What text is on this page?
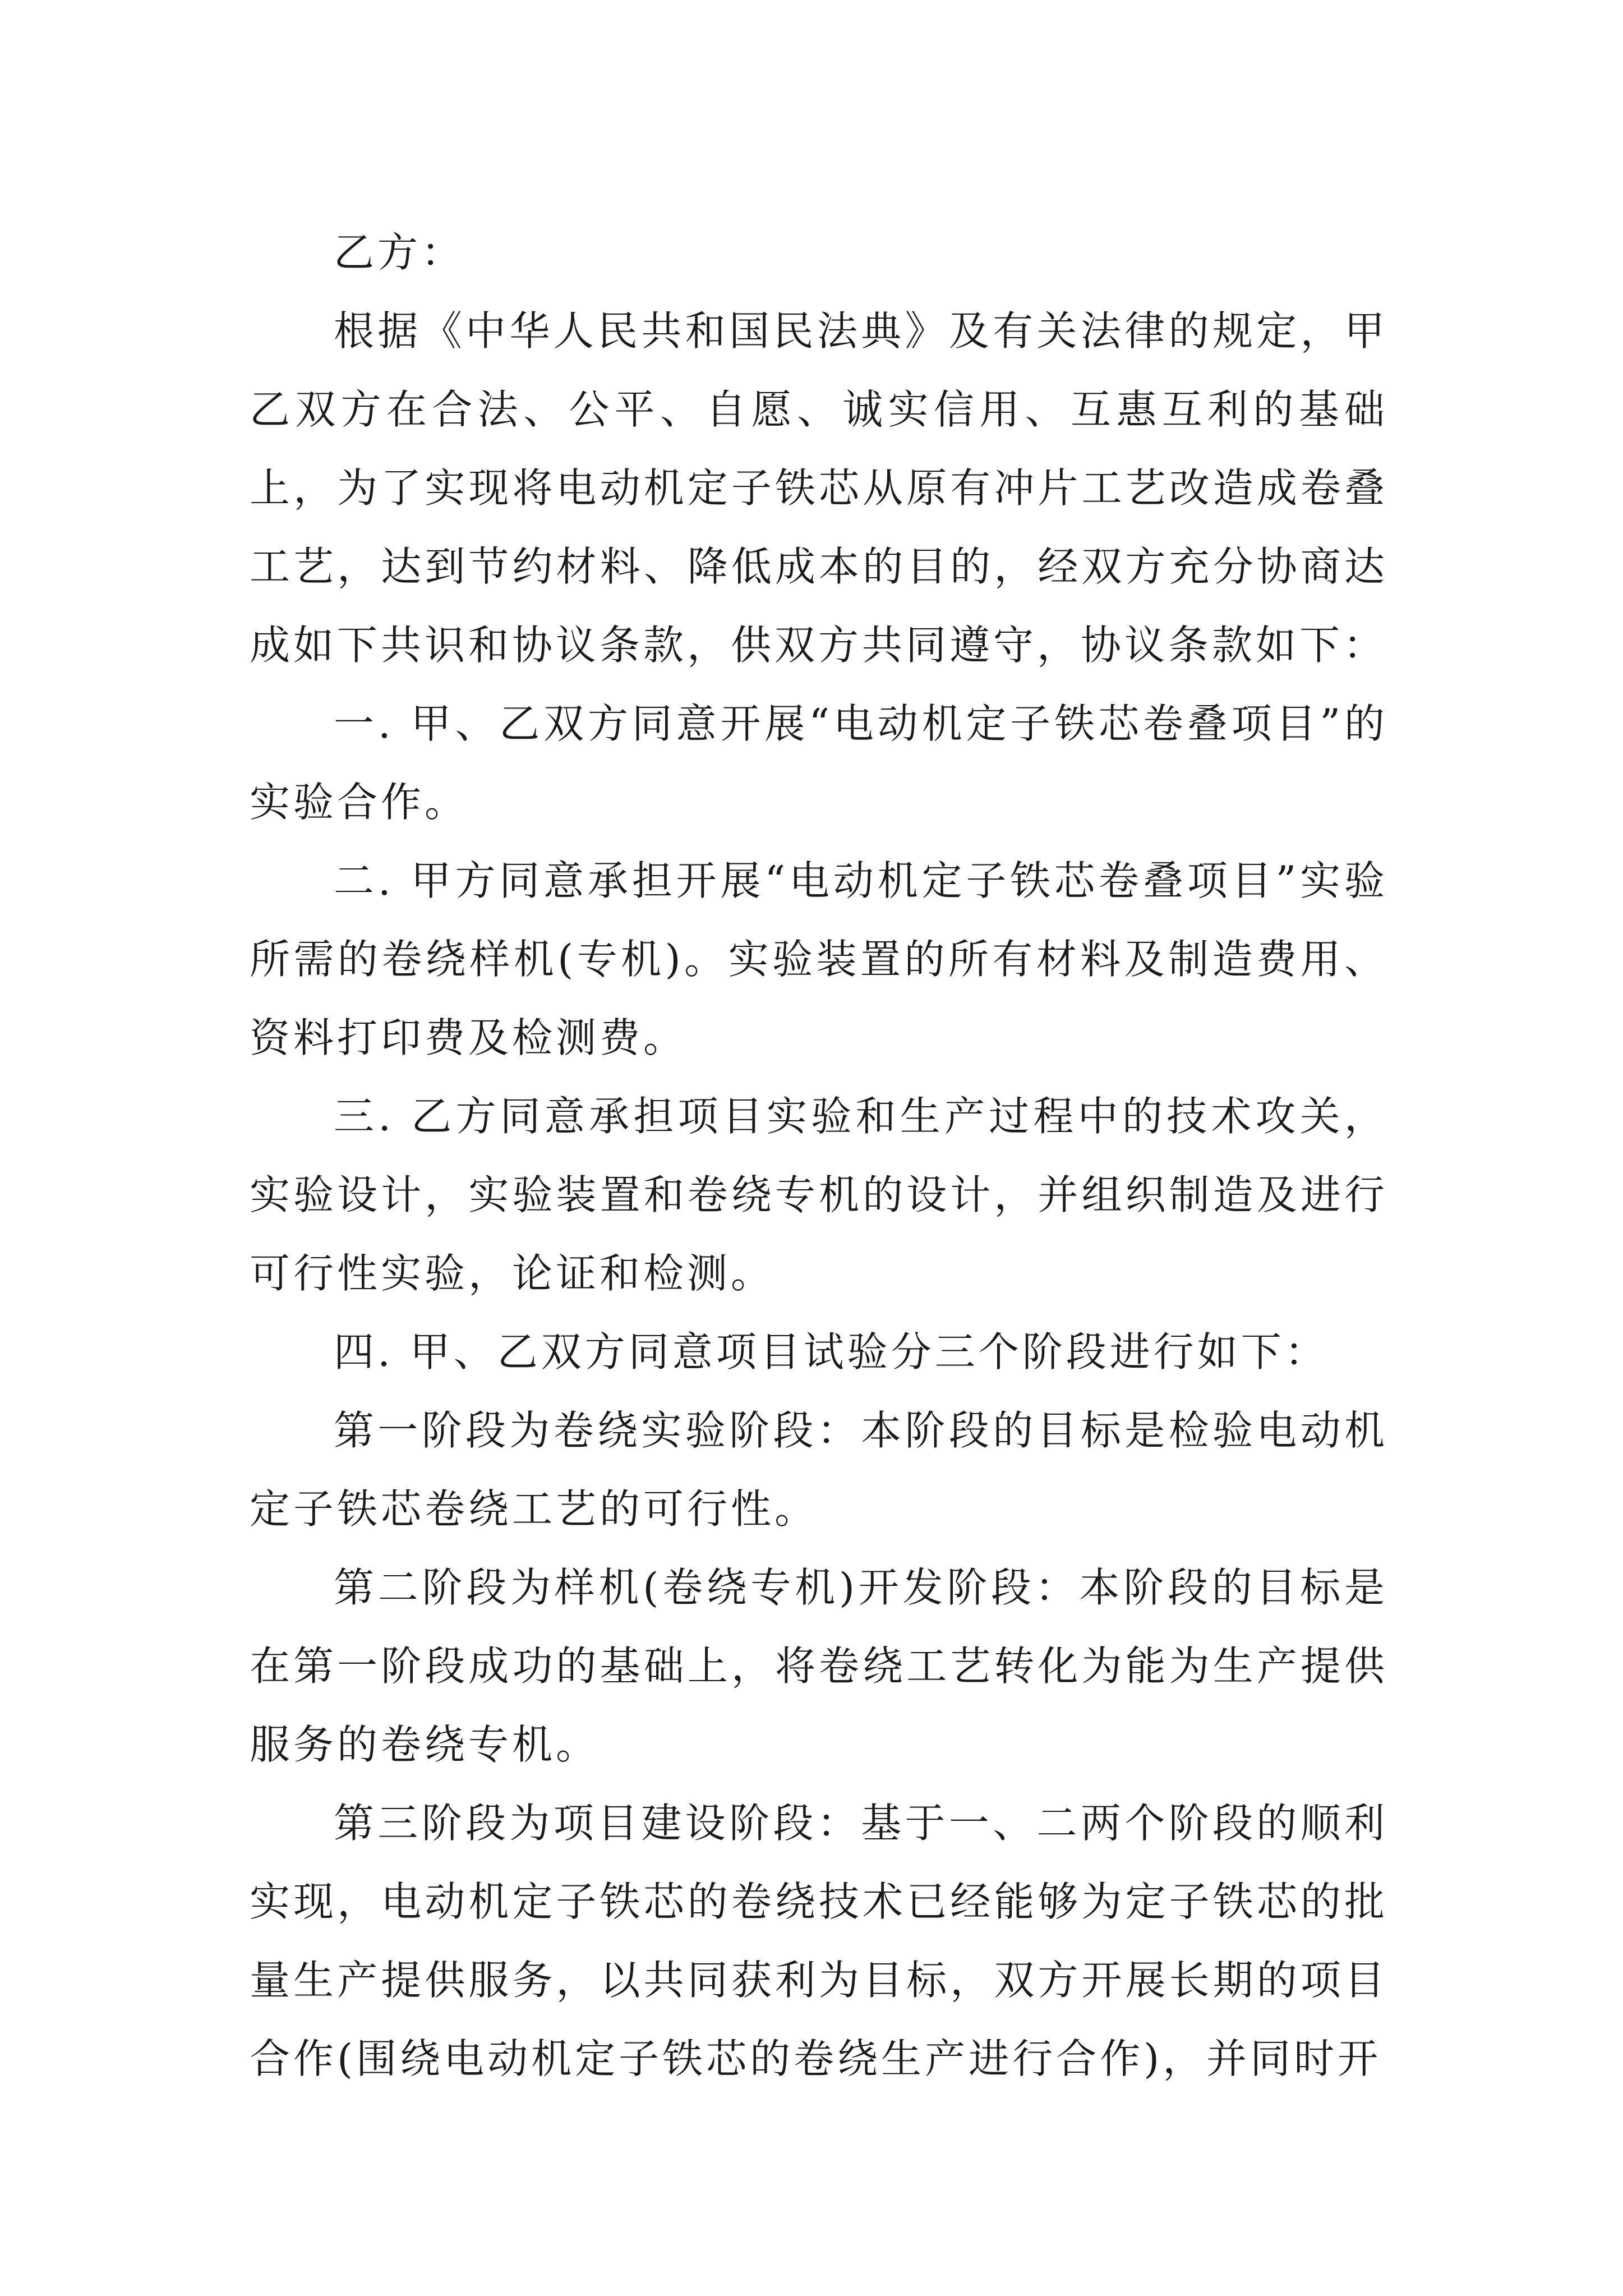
乙方：

根据《中华人民共和国民法典》及有关法律的规定，甲乙双方在合法、公平、自愿、诚实信用、互惠互利的基础上，为了实现将电动机定子铁芯从原有冲片工艺改造成卷叠工艺，达到节约材料、降低成本的目的，经双方充分协商达成如下共识和协议条款，供双方共同遵守，协议条款如下：

一. 甲、乙双方同意开展“电动机定子铁芯卷叠项目”的实验合作。

二. 甲方同意承担开展“电动机定子铁芯卷叠项目”实验所需的卷绕样机(专机)。实验装置的所有材料及制造费用、资料打印费及检测费。

三. 乙方同意承担项目实验和生产过程中的技术攻关，实验设计，实验装置和卷绕专机的设计，并组织制造及进行可行性实验，论证和检测。

四. 甲、乙双方同意项目试验分三个阶段进行如下：

第一阶段为卷绕实验阶段：本阶段的目标是检验电动机定子铁芯卷绕工艺的可行性。

第二阶段为样机(卷绕专机)开发阶段：本阶段的目标是在第一阶段成功的基础上，将卷绕工艺转化为能为生产提供服务的卷绕专机。

第三阶段为项目建设阶段：基于一、二两个阶段的顺利实现，电动机定子铁芯的卷绕技术已经能够为定子铁芯的批量生产提供服务，以共同获利为目标，双方开展长期的项目合作(围绕电动机定子铁芯的卷绕生产进行合作)，并同时开
